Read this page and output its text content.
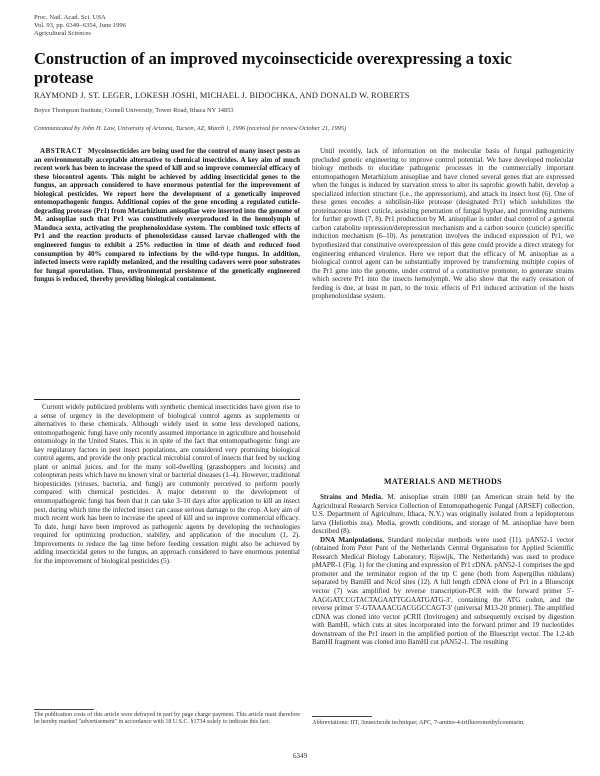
Proc. Natl. Acad. Sci. USA
Vol. 93, pp. 6349–6354, June 1996
Agricultural Sciences
Construction of an improved mycoinsecticide overexpressing a toxic protease
RAYMOND J. ST. LEGER, LOKESH JOSHI, MICHAEL J. BIDOCHKA, AND DONALD W. ROBERTS
Boyce Thompson Institute, Cornell University, Tower Road, Ithaca NY 14853
Communicated by John H. Law, University of Arizona, Tucson, AZ, March 1, 1996 (received for review October 21, 1995)

ABSTRACT Mycoinsecticides are being used for the control of many insect pests as an environmentally acceptable alternative to chemical insecticides. A key aim of much recent work has been to increase the speed of kill and so improve commercial efficacy of these biocontrol agents. This might be achieved by adding insecticidal genes to the fungus, an approach considered to have enormous potential for the improvement of biological pesticides. We report here the development of a genetically improved entomopathogenic fungus. Additional copies of the gene encoding a regulated cuticle-degrading protease (Pr1) from Metarhizium anisopliae were inserted into the genome of M. anisopliae such that Pr1 was constitutively overproduced in the hemolymph of Manduca sexta, activating the prophenoloxidase system. The combined toxic effects of Pr1 and the reaction products of phenoloxidase caused larvae challenged with the engineered fungus to exhibit a 25% reduction in time of death and reduced food consumption by 40% compared to infections by the wild-type fungus. In addition, infected insects were rapidly melanized, and the resulting cadavers were poor substrates for fungal sporulation. Thus, environmental persistence of the genetically engineered fungus is reduced, thereby providing biological containment.

Current widely publicized problems with synthetic chemical insecticides have given rise to a sense of urgency in the development of biological control agents as supplements or alternatives to these chemicals. Although widely used in some less developed nations, entomopathogenic fungi have only recently assumed importance in agriculture and household entomology in the United States. This is in spite of the fact that entomopathogenic fungi are key regulatory factors in pest insect populations, are considered very promising biological control agents, and provide the only practical microbial control of insects that feed by sucking plant or animal juices, and for the many soil-dwelling (grasshoppers and locusts) and coleopteran pests which have no known viral or bacterial diseases (1–4). However, traditional biopesticides (viruses, bacteria, and fungi) are commonly perceived to perform poorly compared with chemical pesticides. A major deterrent to the development of entomopathogenic fungi has been that it can take 3–10 days after application to kill an insect pest, during which time the infected insect can cause serious damage to the crop. A key aim of much recent work has been to increase the speed of kill and so improve commercial efficacy. To date, fungi have been improved as pathogenic agents by developing the technologies required for optimizing production, stability, and application of the inoculum (1, 2). Improvements to reduce the lag time before feeding cessation might also be achieved by adding insecticidal genes to the fungus, an approach considered to have enormous potential for the improvement of biological pesticides (5).

The publication costs of this article were defrayed in part by page charge payment. This article must therefore be hereby marked "advertisement" in accordance with 18 U.S.C. §1734 solely to indicate this fact.

Until recently, lack of information on the molecular basis of fungal pathogenicity precluded genetic engineering to improve control potential. We have developed molecular biology methods to elucidate pathogenic processes in the commercially important entomopathogen Metarhizium anisopliae and have cloned several genes that are expressed when the fungus is induced by starvation stress to alter its saprobic growth habit, develop a specialized infection structure (i.e., the appressorium), and attack its insect host (6). One of these genes encodes a subtilisin-like protease (designated Pr1) which solubilizes the proteinaceous insect cuticle, assisting penetration of fungal hyphae, and providing nutrients for further growth (7, 8). Pr1 production by M. anisopliae is under dual control of a general carbon catabolite repression/derepression mechanism and a carbon source (cuticle) specific induction mechanism (6–10). As penetration involves the induced expression of Pr1, we hypothesized that constitutive overexpression of this gene could provide a direct strategy for engineering enhanced virulence. Here we report that the efficacy of M. anisopliae as a biological control agent can be substantially improved by transforming multiple copies of the Pr1 gene into the genome, under control of a constitutive promoter, to generate strains which secrete Pr1 into the insects hemolymph. We also show that the early cessation of feeding is due, at least in part, to the toxic effects of Pr1 induced activation of the hosts prophenoloxidase system.

MATERIALS AND METHODS

Strains and Media. M. anisopliae strain 1080 (an American strain held by the Agricultural Research Service Collection of Entomopathogenic Fungal (ARSEF) collection, U.S. Department of Agriculture, Ithaca, N.Y.) was originally isolated from a lepidopterous larva (Heliothis zea). Media, growth conditions, and storage of M. anisopliae have been described (8).

DNA Manipulations. Standard molecular methods were used (11). pAN52-1 vector (obtained from Peter Punt of the Netherlands Central Organisation for Applied Scientific Research Medical Biology Laboratory, Rijswijk, The Netherlands) was used to produce pMAPR-1 (Fig. 1) for the cloning and expression of Pr1 cDNA. pAN52-1 comprises the gpd promoter and the terminator region of the trp C gene (both from Aspergillus nidulans) separated by BamHI and NcoI sites (12). A full length cDNA clone of Pr1 in a Bluescript vector (7) was amplified by reverse transcription-PCR with the forward primer 5′-AAGGATCCGTACTAGAATTGGAATGATG-3′, containing the ATG codon, and the reverse primer 5′-GTAAAACGACGGCCAGT-3′ (universal M13-20 primer). The amplified cDNA was cloned into vector pCRII (Invitrogen) and subsequently excised by digestion with BamHI, which cuts at sites incorporated into the forward primer and 19 nucleotides downstream of the Pr1 insert in the amplified portion of the Bluescript vector. The 1.2-kb BamHI fragment was cloned into BamHI cut pAN52-1. The resulting

Abbreviations: IIT, 3ınsectıcıde technique; APC, 7-amino-4-trifluoromethylcoumarin.
6349
